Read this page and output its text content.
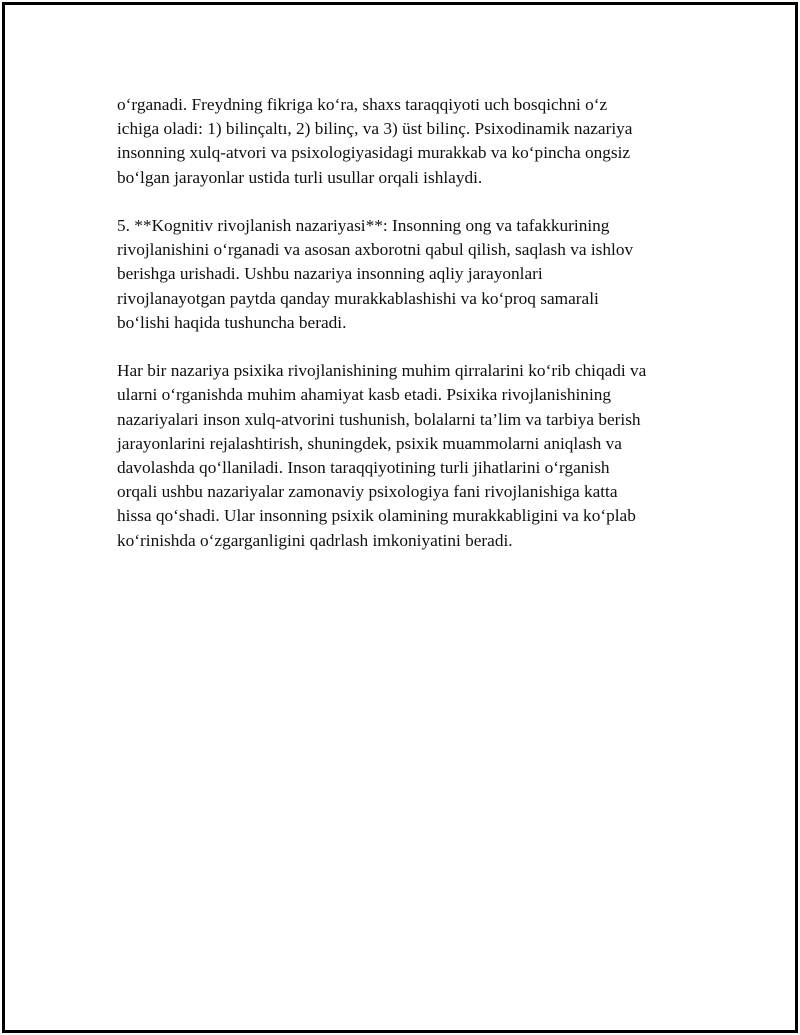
o‘rganadi. Freydning fikriga ko‘ra, shaxs taraqqiyoti uch bosqichni o‘z
ichiga oladi: 1) bilinçaltı, 2) bilinç, va 3) üst bilinç. Psixodinamik nazariya
insonning xulq-atvori va psixologiyasidagi murakkab va ko‘pincha ongsiz
bo‘lgan jarayonlar ustida turli usullar orqali ishlaydi.

5. **Kognitiv rivojlanish nazariyasi**: Insonning ong va tafakkurining
rivojlanishini o‘rganadi va asosan axborotni qabul qilish, saqlash va ishlov
berishga urishadi. Ushbu nazariya insonning aqliy jarayonlari
rivojlanayotgan paytda qanday murakkablashishi va ko‘proq samarali
bo‘lishi haqida tushuncha beradi.

Har bir nazariya psixika rivojlanishining muhim qirralarini ko‘rib chiqadi va
ularni o‘rganishda muhim ahamiyat kasb etadi. Psixika rivojlanishining
nazariyalari inson xulq-atvorini tushunish, bolalarni ta’lim va tarbiya berish
jarayonlarini rejalashtirish, shuningdek, psixik muammolarni aniqlash va
davolashda qo‘llaniladi. Inson taraqqiyotining turli jihatlarini o‘rganish
orqali ushbu nazariyalar zamonaviy psixologiya fani rivojlanishiga katta
hissa qo‘shadi. Ular insonning psixik olamining murakkabligini va ko‘plab
ko‘rinishda o‘zgarganligini qadrlash imkoniyatini beradi.
